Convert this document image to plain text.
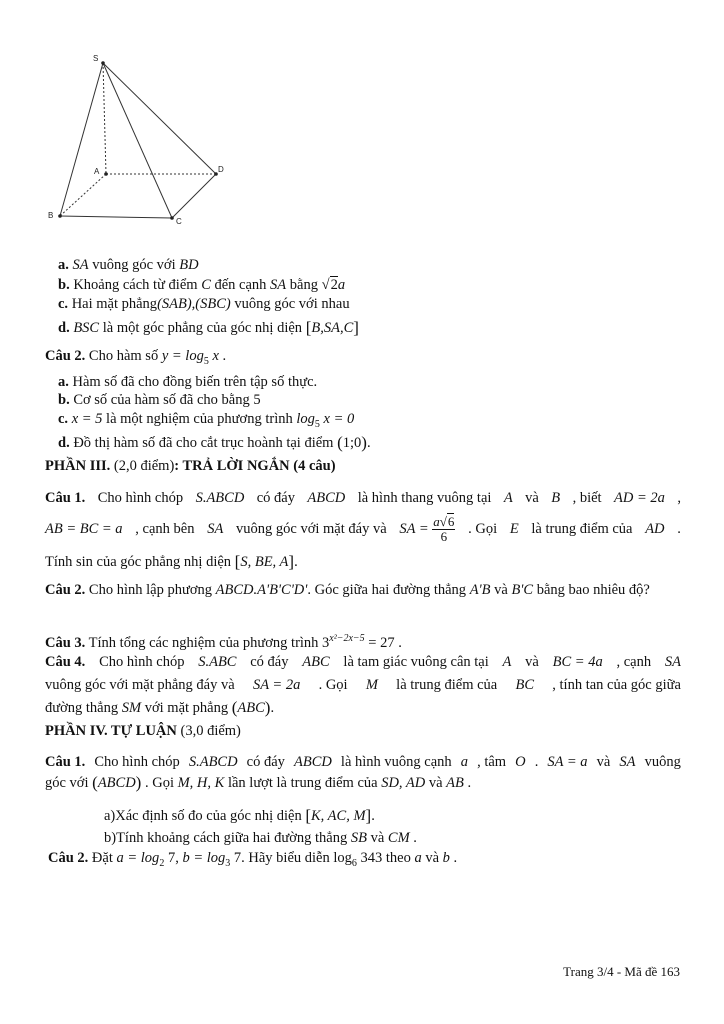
S
A
B
C
D
a. SA vuông góc với BD
b. Khoảng cách từ điểm C đến cạnh SA bằng √2a
c. Hai mặt phẳng(SAB),(SBC) vuông góc với nhau
d. BSC là một góc phẳng của góc nhị diện [B,SA,C]
Câu 2. Cho hàm số $y = \log_5 x$ .
a. Hàm số đã cho đồng biến trên tập số thực.
b. Cơ số của hàm số đã cho bằng 5
c. x = 5 là một nghiệm của phương trình $\log_5 x = 0$
d. Đồ thị hàm số đã cho cắt trục hoành tại điểm (1;0).
PHẦN III. (2,0 điểm): TRẢ LỜI NGẮN (4 câu)
Câu 1. Cho hình chóp S.ABCD có đáy ABCD là hình thang vuông tại A và B , biết AD = 2a ,
AB = BC = a , cạnh bên SA vuông góc với mặt đáy và SA = $\frac{a√6}{6}$ . Gọi E là trung điểm của AD .
Tính sin của góc phẳng nhị diện [S, BE, A].
Câu 2. Cho hình lập phương ABCD.A'B'C'D'. Góc giữa hai đường thẳng A'B và B'C bằng bao nhiêu độ?
Câu 3. Tính tổng các nghiệm của phương trình $3^{x^2-2x-5} = 27$ .
Câu 4. Cho hình chóp S.ABC có đáy ABC là tam giác vuông cân tại A và BC = 4a , cạnh SA
vuông góc với mặt phẳng đáy và SA = 2a . Gọi M là trung điểm của BC , tính tan của góc giữa
đường thẳng SM với mặt phẳng (ABC).
PHẦN IV. TỰ LUẬN (3,0 điểm)
Câu 1. Cho hình chóp S.ABCD có đáy ABCD là hình vuông cạnh a , tâm O . SA = a và SA vuông
góc với (ABCD) . Gọi M, H, K lần lượt là trung điểm của SD, AD và AB .
a)Xác định số đo của góc nhị diện [K, AC, M].
b)Tính khoảng cách giữa hai đường thẳng SB và CM .
Câu 2. Đặt $a = \log_2 7$, $b = \log_3 7$. Hãy biểu diễn $\log_6 343$ theo a và b .
Trang 3/4 - Mã đề 163
